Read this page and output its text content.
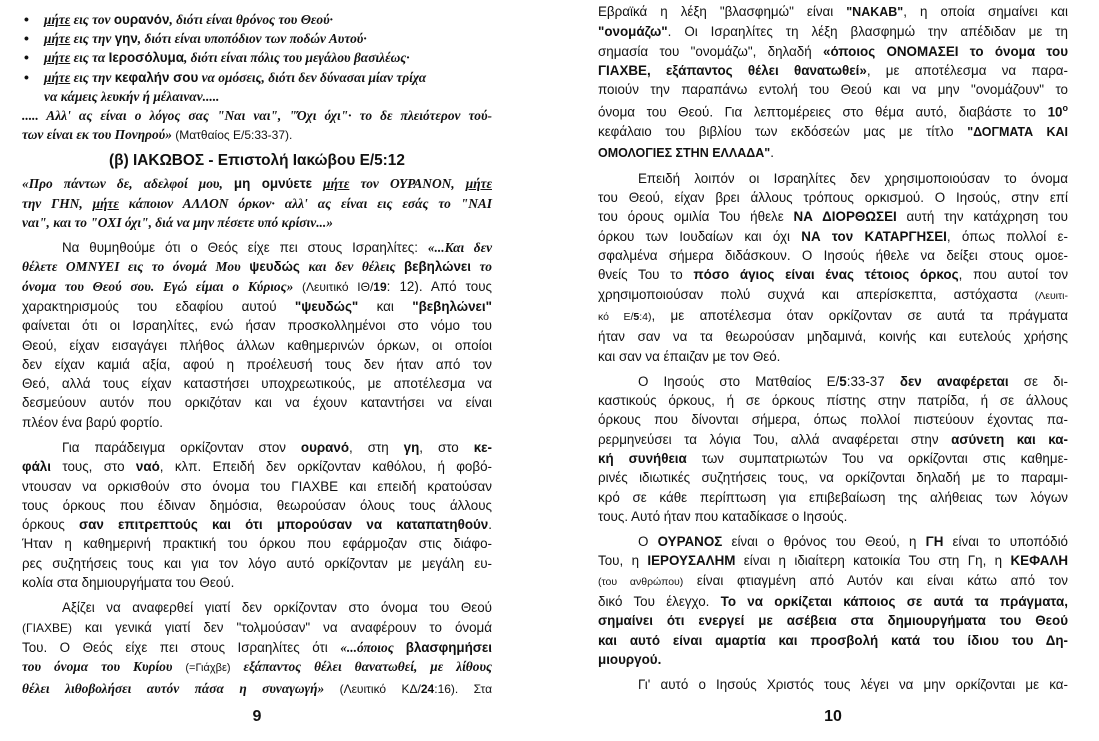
• μήτε εις τον ουρανόν, διότι είναι θρόνος του Θεού·
• μήτε εις την γην, διότι είναι υποπόδιον των ποδών Αυτού·
• μήτε εις τα Ιεροσόλυμα, διότι είναι πόλις του μεγάλου βασιλέως·
• μήτε εις την κεφαλήν σου να ομόσεις, διότι δεν δύνασαι μίαν τρίχα
να κάμεις λευκήν ή μέλαιναν.....
..... Αλλ' ας είναι ο λόγος σας "Ναι ναι", "Όχι όχι"· το δε πλειότερον τού-
των είναι εκ του Πονηρού» (Ματθαίος Ε/5:33-37).
(β) ΙΑΚΩΒΟΣ - Επιστολή Ιακώβου Ε/5:12
«Προ πάντων δε, αδελφοί μου, μη ομνύετε μήτε τον ΟΥΡΑΝΟΝ, μήτε
την ΓΗΝ, μήτε κάποιον ΑΛΛΟΝ όρκον· αλλ' ας είναι εις εσάς το "ΝΑΙ
ναι", και το "ΟΧΙ όχι", διά να μην πέσετε υπό κρίσιν...»
Να θυμηθούμε ότι ο Θεός είχε πει στους Ισραηλίτες: «...Και δεν
θέλετε ΟΜΝΥΕΙ εις το όνομά Μου ψευδώς και δεν θέλεις βεβηλώνει το
όνομα του Θεού σου. Εγώ είμαι ο Κύριος» (Λευιτικό ΙΘ/19: 12). Από τους
χαρακτηρισμούς του εδαφίου αυτού "ψευδώς" και "βεβηλώνει"
φαίνεται ότι οι Ισραηλίτες, ενώ ήσαν προσκολλημένοι στο νόμο του
Θεού, είχαν εισαγάγει πλήθος άλλων καθημερινών όρκων, οι οποίοι
δεν είχαν καμιά αξία, αφού η προέλευσή τους δεν ήταν από τον
Θεό, αλλά τους είχαν καταστήσει υποχρεωτικούς, με αποτέλεσμα να
δεσμεύουν αυτόν που ορκιζόταν και να έχουν καταντήσει να είναι
πλέον ένα βαρύ φορτίο.
Για παράδειγμα ορκίζονταν στον ουρανό, στη γη, στο κε-
φάλι τους, στο ναό, κλπ. Επειδή δεν ορκίζονταν καθόλου, ή φοβό-
ντουσαν να ορκισθούν στο όνομα του ΓΙΑΧΒΕ και επειδή κρατούσαν
τους όρκους που έδιναν δημόσια, θεωρούσαν όλους τους άλλους
όρκους σαν επιτρεπτούς και ότι μπορούσαν να καταπατηθούν.
Ήταν η καθημερινή πρακτική του όρκου που εφάρμοζαν στις διάφο-
ρες συζητήσεις τους και για τον λόγο αυτό ορκίζονταν με μεγάλη ευ-
κολία στα δημιουργήματα του Θεού.
Αξίζει να αναφερθεί γιατί δεν ορκίζονταν στο όνομα του Θεού
(ΓΙΑΧΒΕ) και γενικά γιατί δεν "τολμούσαν" να αναφέρουν το όνομά
Του. Ο Θεός είχε πει στους Ισραηλίτες ότι «...όποιος βλασφημήσει
του όνομα του Κυρίου (=Γιάχβε) εξάπαντος θέλει θανατωθεί, με λίθους
θέλει λιθοβολήσει αυτόν πάσα η συναγωγή» (Λευιτικό ΚΔ/24:16). Στα
9
Εβραϊκά η λέξη "βλασφημώ" είναι "NAKAB", η οποία σημαίνει και
"ονομάζω". Οι Ισραηλίτες τη λέξη βλασφημώ την απέδιδαν με τη
σημασία του "ονομάζω", δηλαδή «όποιος ΟΝΟΜΑΣΕΙ το όνομα του
ΓΙΑΧΒΕ, εξάπαντος θέλει θανατωθεί», με αποτέλεσμα να παρα-
ποιούν την παραπάνω εντολή του Θεού και να μην "ονομάζουν" το
όνομα του Θεού. Για λεπτομέρειες στο θέμα αυτό, διαβάστε το $10^o$
κεφάλαιο του βιβλίου των εκδόσεών μας με τίτλο "ΔΟΓΜΑΤΑ ΚΑΙ
ΟΜΟΛΟΓΙΕΣ ΣΤΗΝ ΕΛΛΑΔΑ".
Επειδή λοιπόν οι Ισραηλίτες δεν χρησιμοποιούσαν το όνομα
του Θεού, είχαν βρει άλλους τρόπους ορκισμού. Ο Ιησούς, στην επί
του όρους ομιλία Του ήθελε ΝΑ ΔΙΟΡΘΩΣΕΙ αυτή την κατάχρηση του
όρκου των Ιουδαίων και όχι ΝΑ τον ΚΑΤΑΡΓΗΣΕΙ, όπως πολλοί ε-
σφαλμένα σήμερα διδάσκουν. Ο Ιησούς ήθελε να δείξει στους ομοε-
θνείς Του το πόσο άγιος είναι ένας τέτοιος όρκος, που αυτοί τον
χρησιμοποιούσαν πολύ συχνά και απερίσκεπτα, αστόχαστα (Λευιτι-
κό Ε/5:4), με αποτέλεσμα όταν ορκίζονταν σε αυτά τα πράγματα
ήταν σαν να τα θεωρούσαν μηδαμινά, κοινής και ευτελούς χρήσης
και σαν να έπαιζαν με τον Θεό.
Ο Ιησούς στο Ματθαίος Ε/5:33-37 δεν αναφέρεται σε δι-
καστικούς όρκους, ή σε όρκους πίστης στην πατρίδα, ή σε άλλους
όρκους που δίνονται σήμερα, όπως πολλοί πιστεύουν έχοντας πα-
ρερμηνεύσει τα λόγια Του, αλλά αναφέρεται στην ασύνετη και κα-
κή συνήθεια των συμπατριωτών Του να ορκίζονται στις καθημε-
ρινές ιδιωτικές συζητήσεις τους, να ορκίζονται δηλαδή με το παραμι-
κρό σε κάθε περίπτωση για επιβεβαίωση της αλήθειας των λόγων
τους. Αυτό ήταν που καταδίκασε ο Ιησούς.
Ο ΟΥΡΑΝΟΣ είναι ο θρόνος του Θεού, η ΓΗ είναι το υποπόδιό
Του, η ΙΕΡΟΥΣΑΛΗΜ είναι η ιδιαίτερη κατοικία Του στη Γη, η ΚΕΦΑΛΗ
(του ανθρώπου) είναι φτιαγμένη από Αυτόν και είναι κάτω από τον
δικό Του έλεγχο. Το να ορκίζεται κάποιος σε αυτά τα πράγματα,
σημαίνει ότι ενεργεί με ασέβεια στα δημιουργήματα του Θεού
και αυτό είναι αμαρτία και προσβολή κατά του ίδιου του Δη-
μιουργού.
Γι' αυτό ο Ιησούς Χριστός τους λέγει να μην ορκίζονται με κα-
10
